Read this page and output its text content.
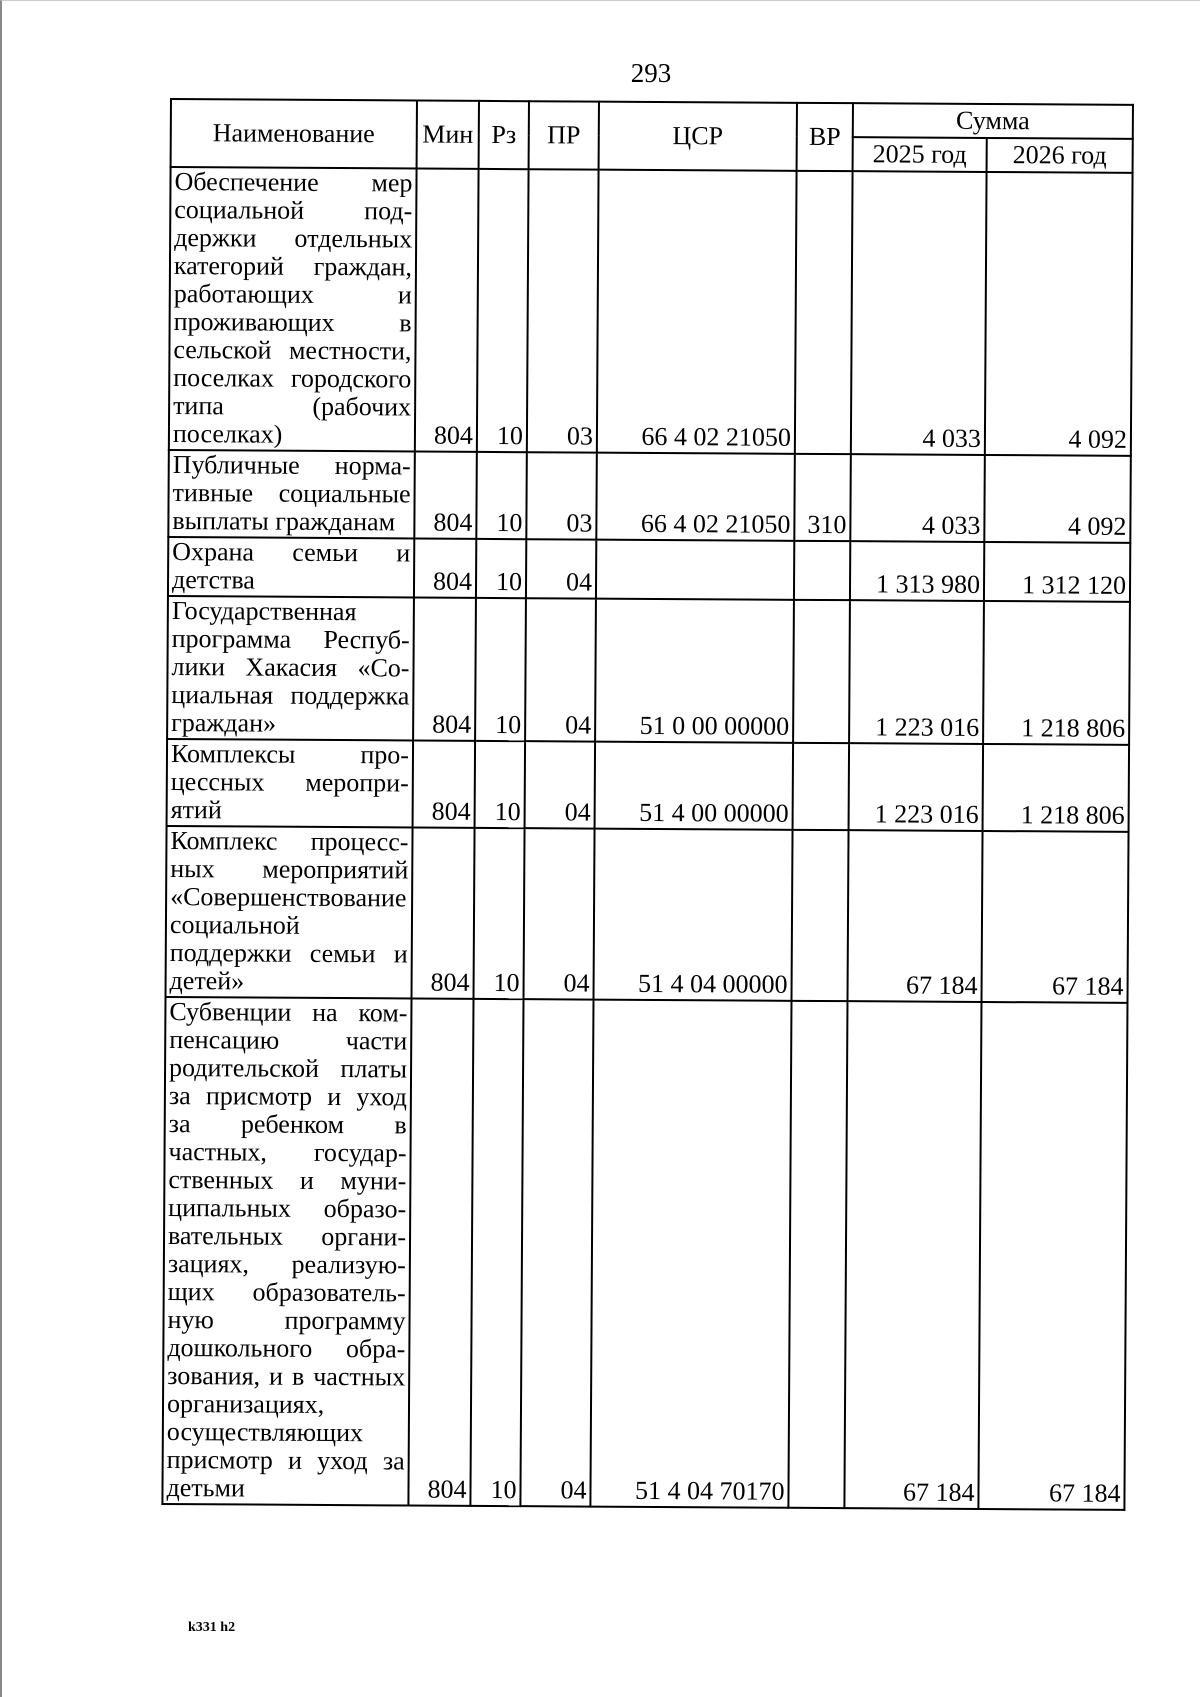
293
Наименование	Мин	Рз	ПР	ЦСР	ВР	Сумма	
						2025 год	2026 год
Обеспечение мер социальной поддержки отдельных категорий граждан, работающих и проживающих в сельской местности, поселках городского типа (рабочих поселках)	804	10	03	66 4 02 21050		4 033	4 092
Публичные нормативные социальные выплаты гражданам	804	10	03	66 4 02 21050	310	4 033	4 092
Охрана семьи и детства	804	10	04			1 313 980	1 312 120
Государственная программа Республики Хакасия «Социальная поддержка граждан»	804	10	04	51 0 00 00000		1 223 016	1 218 806
Комплексы процессных мероприятий	804	10	04	51 4 00 00000		1 223 016	1 218 806
Комплекс процессных мероприятий «Совершенствование социальной поддержки семьи и детей»	804	10	04	51 4 04 00000		67 184	67 184
Субвенции на компенсацию части родительской платы за присмотр и уход за ребенком в частных, государственных и муниципальных образовательных организациях, реализующих образовательную программу дошкольного образования, и в частных организациях, осуществляющих присмотр и уход за детьми	804	10	04	51 4 04 70170		67 184	67 184
k331 h2
